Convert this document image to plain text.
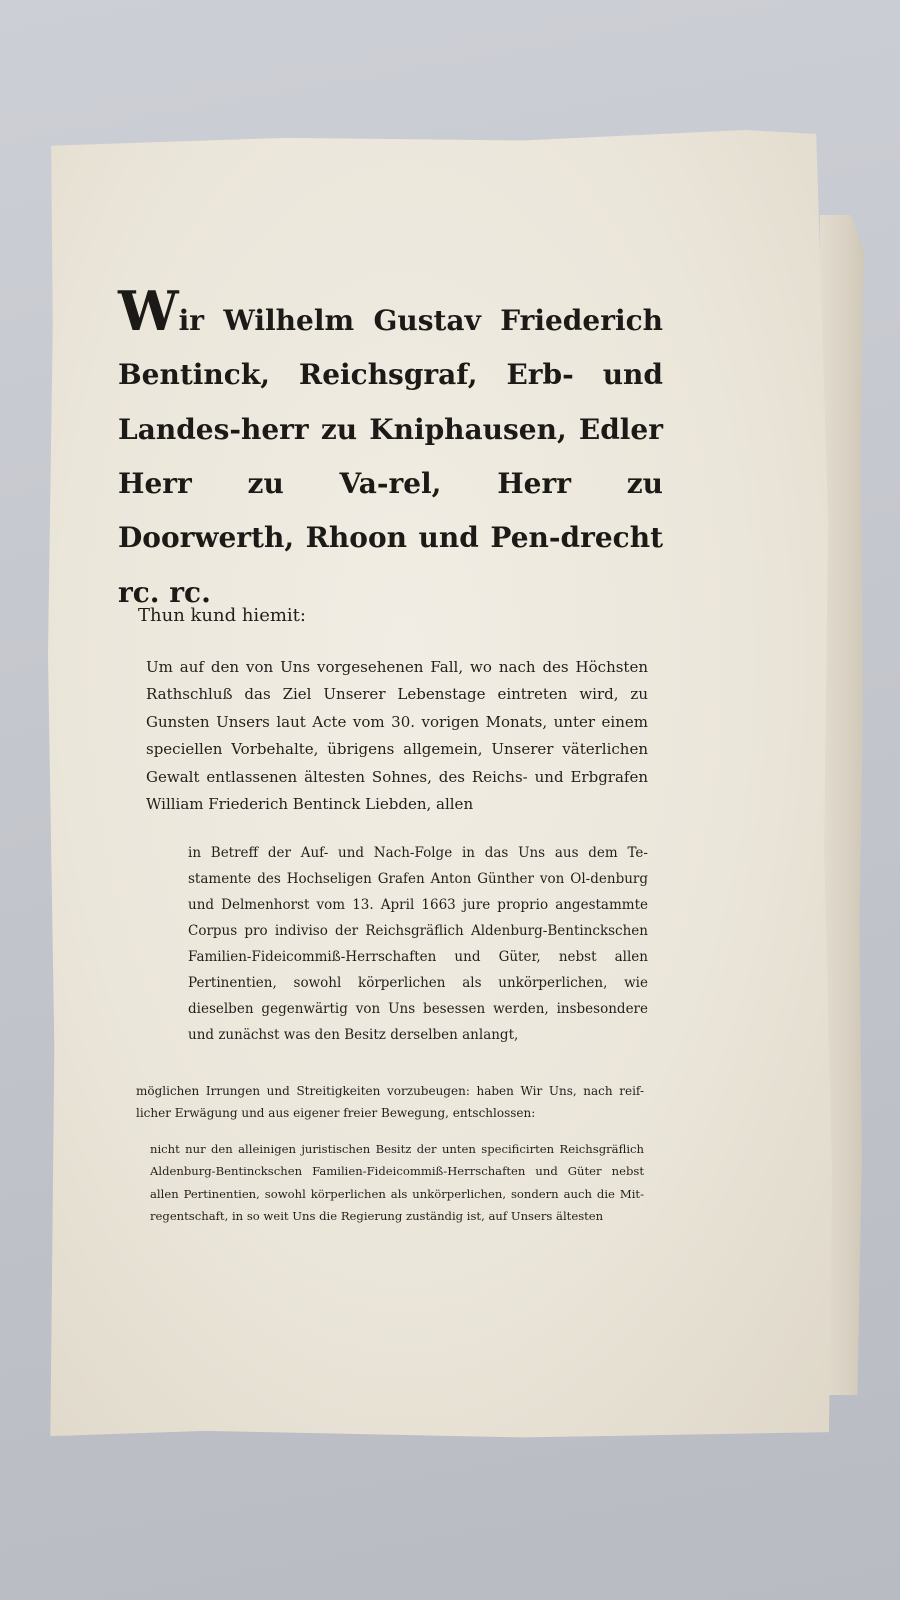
Wir Wilhelm Gustav Friederich Bentinck, Reichsgraf, Erb- und Landes-herr zu Kniphausen, Edler Herr zu Va-rel, Herr zu Doorwerth, Rhoon und Pen-drecht rc. rc.
Thun kund hiemit:

Um auf den von Uns vorgesehenen Fall, wo nach des Höchsten Rathschluß das Ziel Unserer Lebenstage eintreten wird, zu Gunsten Unsers laut Acte vom 30. vorigen Monats, unter einem speciellen Vorbehalte, übrigens allgemein, Unserer väterlichen Gewalt entlassenen ältesten Sohnes, des Reichs- und Erbgrafen William Friederich Bentinck Liebden, allen

in Betreff der Auf- und Nach-Folge in das Uns aus dem Te-stamente des Hochseligen Grafen Anton Günther von Ol-denburg und Delmenhorst vom 13. April 1663 jure proprio angestammte Corpus pro indiviso der Reichsgräflich Aldenburg-Bentinckschen Familien-Fideicommiß-Herrschaften und Güter, nebst allen Pertinentien, sowohl körperlichen als unkörperlichen, wie dieselben gegenwärtig von Uns besessen werden, insbesondere und zunächst was den Besitz derselben anlangt,

möglichen Irrungen und Streitigkeiten vorzubeugen: haben Wir Uns, nach reif-licher Erwägung und aus eigener freier Bewegung, entschlossen:

nicht nur den alleinigen juristischen Besitz der unten specificirten Reichsgräflich Aldenburg-Bentinckschen Familien-Fideicommiß-Herrschaften und Güter nebst allen Pertinentien, sowohl körperlichen als unkörperlichen, sondern auch die Mit-regentschaft, in so weit Uns die Regierung zuständig ist, auf Unsers ältesten
